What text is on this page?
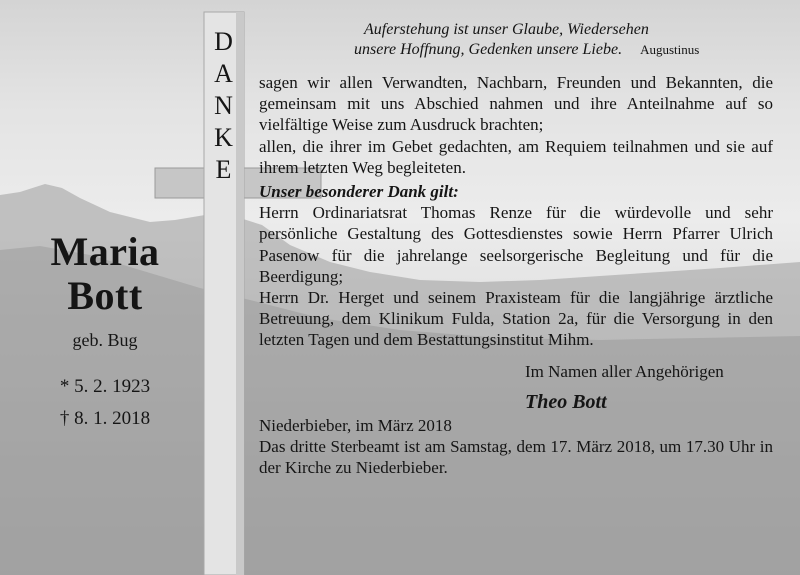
D
A
N
K
E
Maria
Bott
geb. Bug
* 5. 2. 1923
† 8. 1. 2018
Auferstehung ist unser Glaube, Wiedersehen
unsere Hoffnung, Gedenken unsere Liebe. Augustinus

sagen wir allen Verwandten, Nachbarn, Freunden und Bekannten, die gemeinsam mit uns Abschied nahmen und ihre Anteilnahme auf so vielfältige Weise zum Ausdruck brachten;

allen, die ihrer im Gebet gedachten, am Requiem teilnahmen und sie auf ihrem letzten Weg begleiteten.

Unser besonderer Dank gilt:

Herrn Ordinariatsrat Thomas Renze für die würdevolle und sehr persönliche Gestaltung des Gottesdienstes sowie Herrn Pfarrer Ulrich Pasenow für die jahrelange seelsorgerische Begleitung und für die Beerdigung;

Herrn Dr. Herget und seinem Praxisteam für die langjährige ärztliche Betreuung, dem Klinikum Fulda, Station 2a, für die Versorgung in den letzten Tagen und dem Bestattungsinstitut Mihm.

Im Namen aller Angehörigen
Theo Bott

Niederbieber, im März 2018

Das dritte Sterbeamt ist am Samstag, dem 17. März 2018, um 17.30 Uhr in der Kirche zu Niederbieber.
